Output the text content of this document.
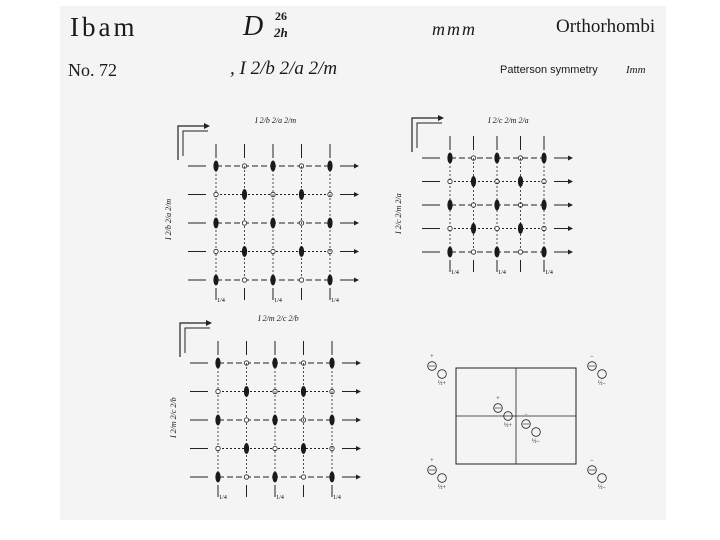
Ibam	D 26
2h	mmm	Orthorhombi
No. 72	, I 2/b 2/a 2/m	Patterson symmetry	Imm
I 2/b 2/a 2/m
I 2/b 2/a 2/m
1/4	1/4	1/4
I 2/c 2/m 2/a
I 2/c 2/m 2/a
1/4	1/4	1/4
I 2/m 2/c 2/b
I 2/m 2/c 2/b
1/4	1/4	1/4
+
½+
−
½−
+
½+
−
½−
+
½+
−
½−
